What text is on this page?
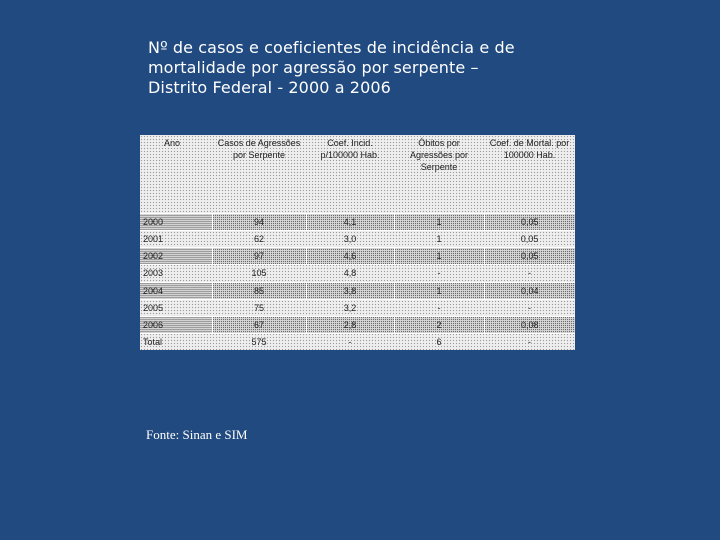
Nº de casos e coeficientes de incidência e de
mortalidade por agressão por serpente –
Distrito Federal - 2000 a 2006
Ano	Casos de Agressões por Serpente	Coef. Incid. p/100000 Hab.	Óbitos por Agressões por Serpente	Coef. de Mortal. por 100000 Hab.
2000	94	4,1	1	0,05
2001	62	3,0	1	0,05
2002	97	4,6	1	0,05
2003	105	4,8	-	-
2004	85	3,8	1	0,04
2005	75	3,2	-	-
2006	67	2,8	2	0,08
Total	575	-	6	-
Fonte: Sinan e SIM
